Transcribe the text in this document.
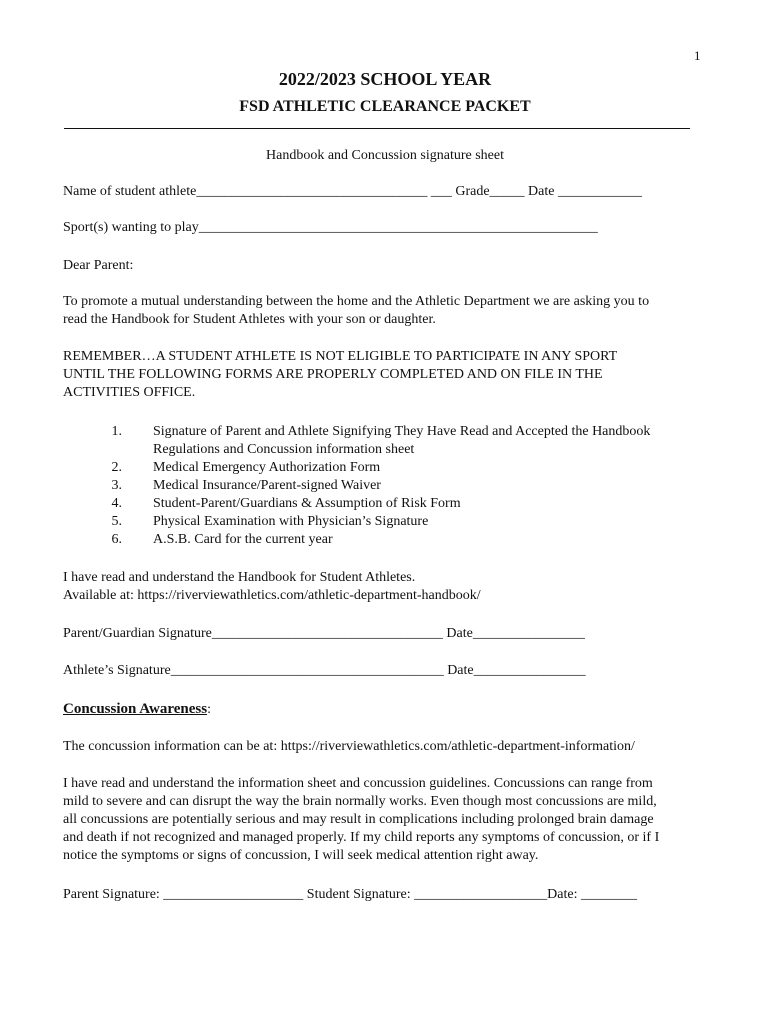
1
2022/2023 SCHOOL YEAR
FSD ATHLETIC CLEARANCE PACKET
Handbook and Concussion signature sheet
Name of student athlete_________________________________ ___ Grade_____ Date ____________
Sport(s) wanting to play_________________________________________________________
Dear Parent:
To promote a mutual understanding between the home and the Athletic Department we are asking you to
read the Handbook for Student Athletes with your son or daughter.
REMEMBER…A STUDENT ATHLETE IS NOT ELIGIBLE TO PARTICIPATE IN ANY SPORT
UNTIL THE FOLLOWING FORMS ARE PROPERLY COMPLETED AND ON FILE IN THE
ACTIVITIES OFFICE.
1. Signature of Parent and Athlete Signifying They Have Read and Accepted the Handbook
Regulations and Concussion information sheet
2. Medical Emergency Authorization Form
3. Medical Insurance/Parent-signed Waiver
4. Student-Parent/Guardians & Assumption of Risk Form
5. Physical Examination with Physician’s Signature
6. A.S.B. Card for the current year
I have read and understand the Handbook for Student Athletes.
Available at: https://riverviewathletics.com/athletic-department-handbook/
Parent/Guardian Signature_________________________________ Date________________
Athlete’s Signature_______________________________________ Date________________
Concussion Awareness:
The concussion information can be at: https://riverviewathletics.com/athletic-department-information/
I have read and understand the information sheet and concussion guidelines. Concussions can range from
mild to severe and can disrupt the way the brain normally works. Even though most concussions are mild,
all concussions are potentially serious and may result in complications including prolonged brain damage
and death if not recognized and managed properly. If my child reports any symptoms of concussion, or if I
notice the symptoms or signs of concussion, I will seek medical attention right away.
Parent Signature: ____________________ Student Signature: ___________________Date: ________
